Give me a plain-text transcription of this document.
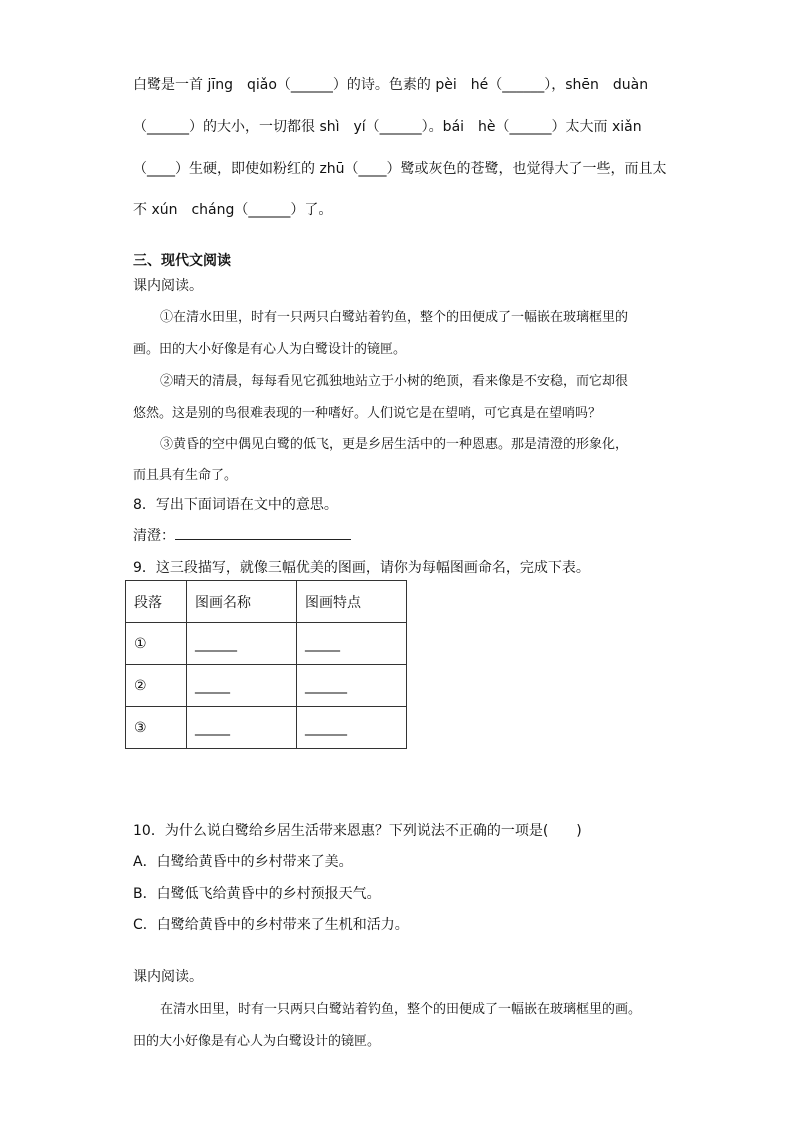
白鹭是一首 jīng　qiǎo（______）的诗。色素的 pèi　hé（______），shēn　duàn
（______）的大小，一切都很 shì　yí（______）。bái　hè（______）太大而 xiǎn
（____）生硬，即使如粉红的 zhū（____）鹭或灰色的苍鹭，也觉得大了一些，而且太
不 xún　cháng（______）了。
三、现代文阅读
课内阅读。
①在清水田里，时有一只两只白鹭站着钓鱼，整个的田便成了一幅嵌在玻璃框里的
画。田的大小好像是有心人为白鹭设计的镜匣。
②晴天的清晨，每每看见它孤独地站立于小树的绝顶，看来像是不安稳，而它却很
悠然。这是别的鸟很难表现的一种嗜好。人们说它是在望哨，可它真是在望哨吗？
③黄昏的空中偶见白鹭的低飞，更是乡居生活中的一种恩惠。那是清澄的形象化，
而且具有生命了。
8．写出下面词语在文中的意思。
清澄：
9．这三段描写，就像三幅优美的图画，请你为每幅图画命名，完成下表。
段落	图画名称	图画特点
①	______	_____
②	_____	______
③	_____	______
10．为什么说白鹭给乡居生活带来恩惠？下列说法不正确的一项是(　　)
A．白鹭给黄昏中的乡村带来了美。
B．白鹭低飞给黄昏中的乡村预报天气。
C．白鹭给黄昏中的乡村带来了生机和活力。
课内阅读。
在清水田里，时有一只两只白鹭站着钓鱼，整个的田便成了一幅嵌在玻璃框里的画。
田的大小好像是有心人为白鹭设计的镜匣。
